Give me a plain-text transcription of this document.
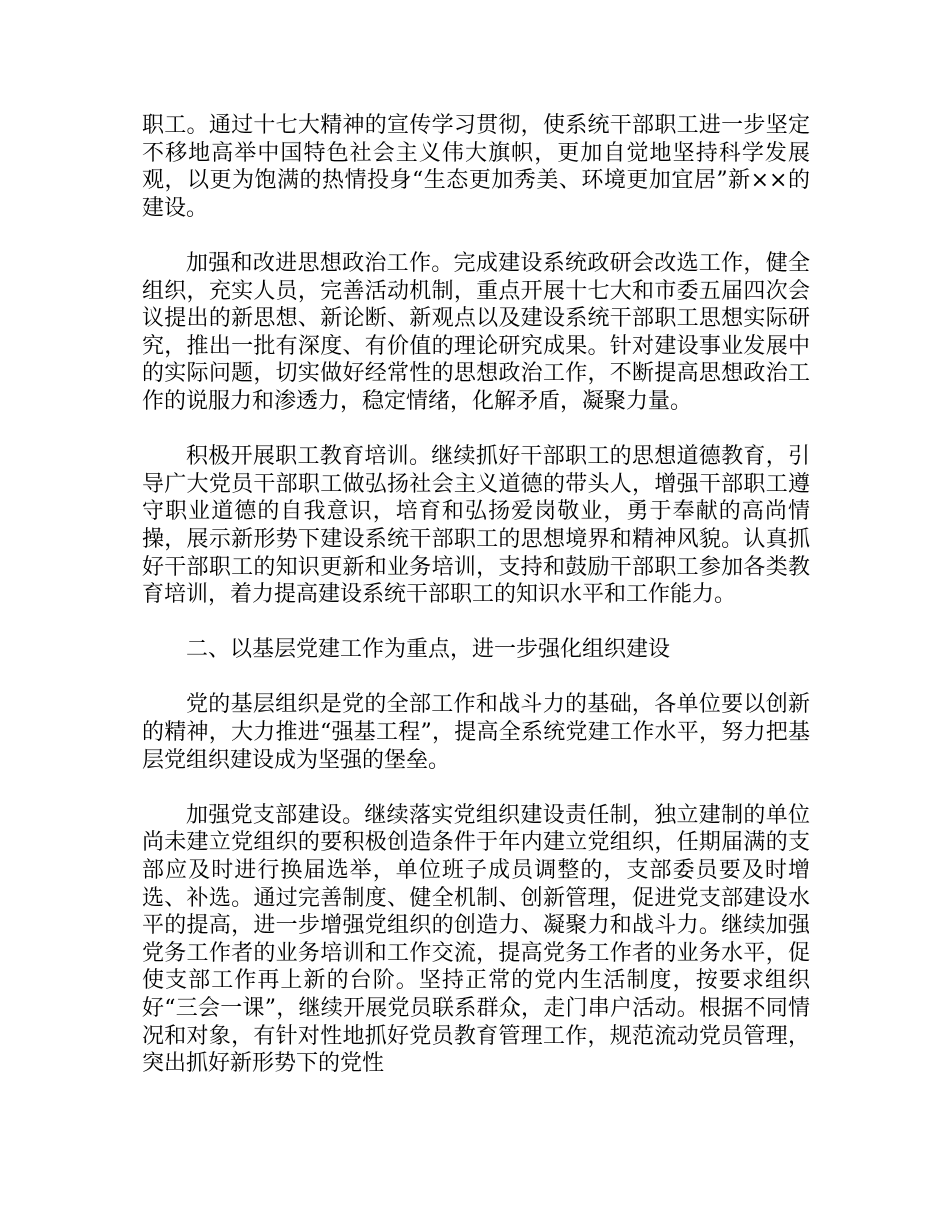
职工。通过十七大精神的宣传学习贯彻，使系统干部职工进一步坚定不移地高举中国特色社会主义伟大旗帜，更加自觉地坚持科学发展观，以更为饱满的热情投身“生态更加秀美、环境更加宜居”新××的建设。

加强和改进思想政治工作。完成建设系统政研会改选工作，健全组织，充实人员，完善活动机制，重点开展十七大和市委五届四次会议提出的新思想、新论断、新观点以及建设系统干部职工思想实际研究，推出一批有深度、有价值的理论研究成果。针对建设事业发展中的实际问题，切实做好经常性的思想政治工作，不断提高思想政治工作的说服力和渗透力，稳定情绪，化解矛盾，凝聚力量。

积极开展职工教育培训。继续抓好干部职工的思想道德教育，引导广大党员干部职工做弘扬社会主义道德的带头人，增强干部职工遵守职业道德的自我意识，培育和弘扬爱岗敬业，勇于奉献的高尚情操，展示新形势下建设系统干部职工的思想境界和精神风貌。认真抓好干部职工的知识更新和业务培训，支持和鼓励干部职工参加各类教育培训，着力提高建设系统干部职工的知识水平和工作能力。

二、以基层党建工作为重点，进一步强化组织建设

党的基层组织是党的全部工作和战斗力的基础，各单位要以创新的精神，大力推进“强基工程”，提高全系统党建工作水平，努力把基层党组织建设成为坚强的堡垒。

加强党支部建设。继续落实党组织建设责任制，独立建制的单位尚未建立党组织的要积极创造条件于年内建立党组织，任期届满的支部应及时进行换届选举，单位班子成员调整的，支部委员要及时增选、补选。通过完善制度、健全机制、创新管理，促进党支部建设水平的提高，进一步增强党组织的创造力、凝聚力和战斗力。继续加强党务工作者的业务培训和工作交流，提高党务工作者的业务水平，促使支部工作再上新的台阶。坚持正常的党内生活制度，按要求组织好“三会一课”，继续开展党员联系群众，走门串户活动。根据不同情况和对象，有针对性地抓好党员教育管理工作，规范流动党员管理，突出抓好新形势下的党性
